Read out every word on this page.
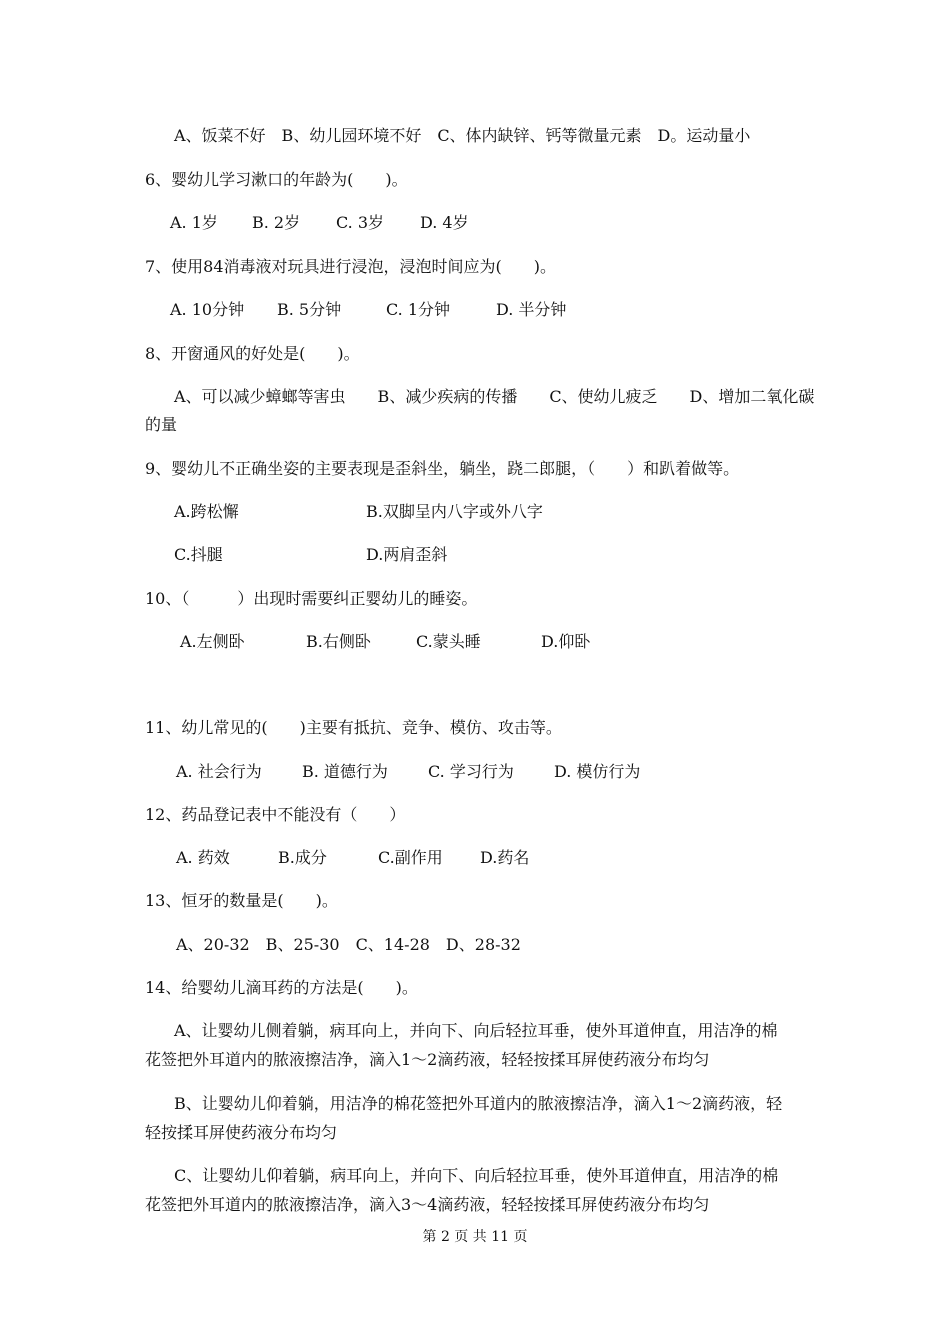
A、饭菜不好　B、幼儿园环境不好　C、体内缺锌、钙等微量元素　D。运动量小
6、婴幼儿学习漱口的年龄为(　　)。
A. 1岁 B. 2岁 C. 3岁 D. 4岁
7、使用84消毒液对玩具进行浸泡，浸泡时间应为(　　)。
A. 10分钟 B. 5分钟	C. 1分钟	D. 半分钟
8、开窗通风的好处是(　　)。
A、可以减少蟑螂等害虫　　B、减少疾病的传播　　C、使幼儿疲乏　　D、增加二氧化碳
的量
9、婴幼儿不正确坐姿的主要表现是歪斜坐，躺坐，跷二郎腿，（　　）和趴着做等。
A.跨松懈	B.双脚呈内八字或外八字
C.抖腿	D.两肩歪斜
10、（　　　）出现时需要纠正婴幼儿的睡姿。
A.左侧卧	B.右侧卧	C.蒙头睡	D.仰卧
11、幼儿常见的(　　)主要有抵抗、竞争、模仿、攻击等。
A. 社会行为	B. 道德行为	C. 学习行为	D. 模仿行为
12、药品登记表中不能没有（　　）
A. 药效	B.成分	C.副作用 D.药名
13、恒牙的数量是(　　)。
A、20-32　B、25-30　C、14-28　D、28-32
14、给婴幼儿滴耳药的方法是(　　)。
A、让婴幼儿侧着躺，病耳向上，并向下、向后轻拉耳垂，使外耳道伸直，用洁净的棉
花签把外耳道内的脓液擦洁净，滴入1～2滴药液，轻轻按揉耳屏使药液分布均匀
B、让婴幼儿仰着躺，用洁净的棉花签把外耳道内的脓液擦洁净，滴入1～2滴药液，轻
轻按揉耳屏使药液分布均匀
C、让婴幼儿仰着躺，病耳向上，并向下、向后轻拉耳垂，使外耳道伸直，用洁净的棉
花签把外耳道内的脓液擦洁净，滴入3～4滴药液，轻轻按揉耳屏使药液分布均匀
第 2 页 共 11 页
